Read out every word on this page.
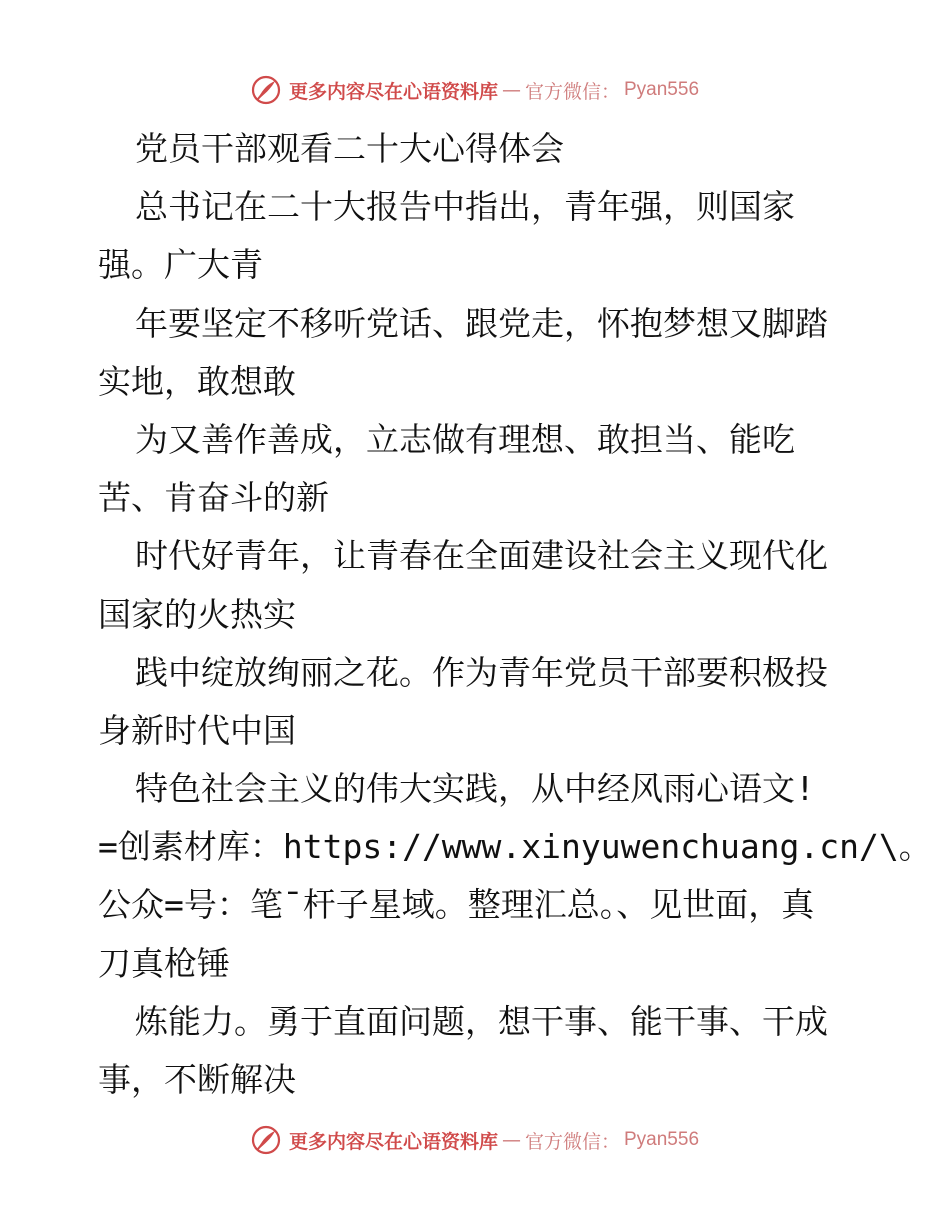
更多内容尽在心语资料库 — 官方微信： Pyan556
党员干部观看二十大心得体会
总书记在二十大报告中指出，青年强，则国家
强。广大青
年要坚定不移听党话、跟党走，怀抱梦想又脚踏
实地，敢想敢
为又善作善成，立志做有理想、敢担当、能吃
苦、肯奋斗的新
时代好青年，让青春在全面建设社会主义现代化
国家的火热实
践中绽放绚丽之花。作为青年党员干部要积极投
身新时代中国
特色社会主义的伟大实践，从中经风雨心语文!
=创素材库：https://www.xinyuwenchuang.cn/\。
公众=号：笔¯杆子星域。整理汇总。、见世面，真
刀真枪锤
炼能力。勇于直面问题，想干事、能干事、干成
事，不断解决
更多内容尽在心语资料库 — 官方微信： Pyan556
